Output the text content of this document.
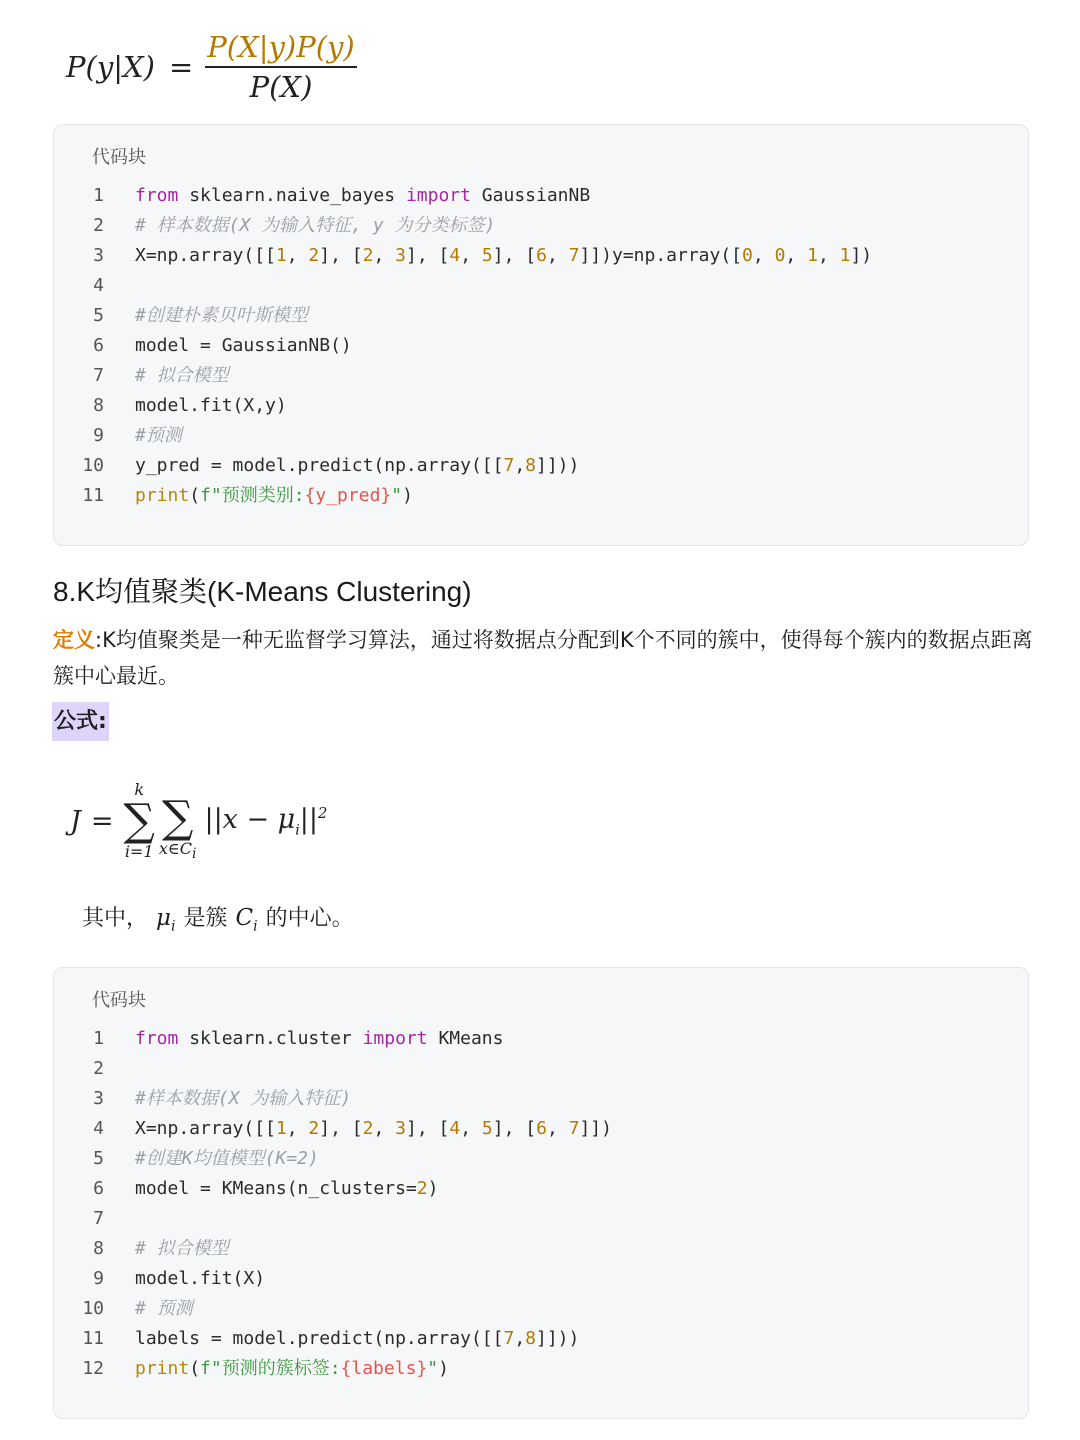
$P(y|X) = \frac{P(X|y)P(y)}{P(X)}$
代码块
1 from sklearn.naive_bayes import GaussianNB
2 # 样本数据(X 为输入特征, y 为分类标签)
3 X=np.array([[1, 2], [2, 3], [4, 5], [6, 7]])y=np.array([0, 0, 1, 1])
4
5 #创建朴素贝叶斯模型
6 model = GaussianNB()
7 # 拟合模型
8 model.fit(X,y)
9 #预测
10 y_pred = model.predict(np.array([[7,8]]))
11 print(f"预测类别:{y_pred}")
8.K均值聚类(K-Means Clustering)
定义:K均值聚类是一种无监督学习算法，通过将数据点分配到K个不同的簇中，使得每个簇内的数据点距离簇中心最近。
公式:
J =
k
∑
i=1

∑
$x\in C_i$
$||x - \mu_i||^2$
其中， $\mu_i$ 是簇 $C_i$ 的中心。
代码块
1 from sklearn.cluster import KMeans
2
3 #样本数据(X 为输入特征)
4 X=np.array([[1, 2], [2, 3], [4, 5], [6, 7]])
5 #创建K均值模型(K=2)
6 model = KMeans(n_clusters=2)
7
8 # 拟合模型
9 model.fit(X)
10 # 预测
11 labels = model.predict(np.array([[7,8]]))
12 print(f"预测的簇标签:{labels}")
